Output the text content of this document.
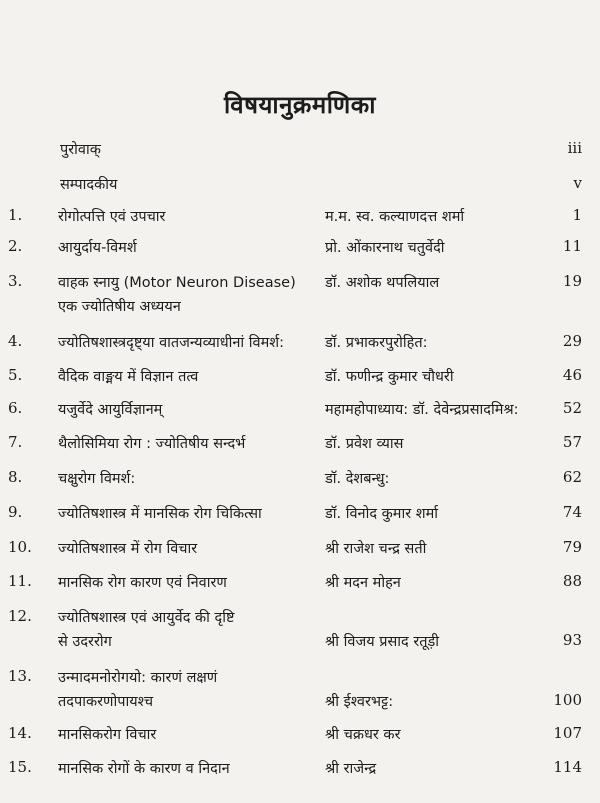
विषयानुक्रमणिका
पुरोवाक्	iii
सम्पादकीय	v
1.	रोगोत्पत्ति एवं उपचार	म.म. स्व. कल्याणदत्त शर्मा	1
2.	आयुर्दाय-विमर्श	प्रो. ओंकारनाथ चतुर्वेदी	11
3.	वाहक स्नायु (Motor Neuron Disease)
एक ज्योतिषीय अध्ययन
डॉ. अशोक थपलियाल	19
4.	ज्योतिषशास्त्रदृष्ट्या वातजन्यव्याधीनां विमर्श:	डॉ. प्रभाकरपुरोहित:	29
5.	वैदिक वाङ्मय में विज्ञान तत्व	डॉ. फणीन्द्र कुमार चौधरी	46
6.	यजुर्वेदे आयुर्विज्ञानम्	महामहोपाध्याय: डॉ. देवेन्द्रप्रसादमिश्र:	52
7.	थैलोसिमिया रोग : ज्योतिषीय सन्दर्भ	डॉ. प्रवेश व्यास	57
8.	चक्षुरोग विमर्श:	डॉ. देशबन्धु:	62
9.	ज्योतिषशास्त्र में मानसिक रोग चिकित्सा	डॉ. विनोद कुमार शर्मा	74
10.	ज्योतिषशास्त्र में रोग विचार	श्री राजेश चन्द्र सती	79
11.	मानसिक रोग कारण एवं निवारण	श्री मदन मोहन	88
12.	ज्योतिषशास्त्र एवं आयुर्वेद की दृष्टि
से उदररोग	श्री विजय प्रसाद रतूड़ी	93
13.	उन्मादमनोरोगयो: कारणं लक्षणं
तदपाकरणोपायश्च	श्री ईश्वरभट्ट:	100
14.	मानसिकरोग विचार	श्री चक्रधर कर	107
15.	मानसिक रोगों के कारण व निदान	श्री राजेन्द्र	114
